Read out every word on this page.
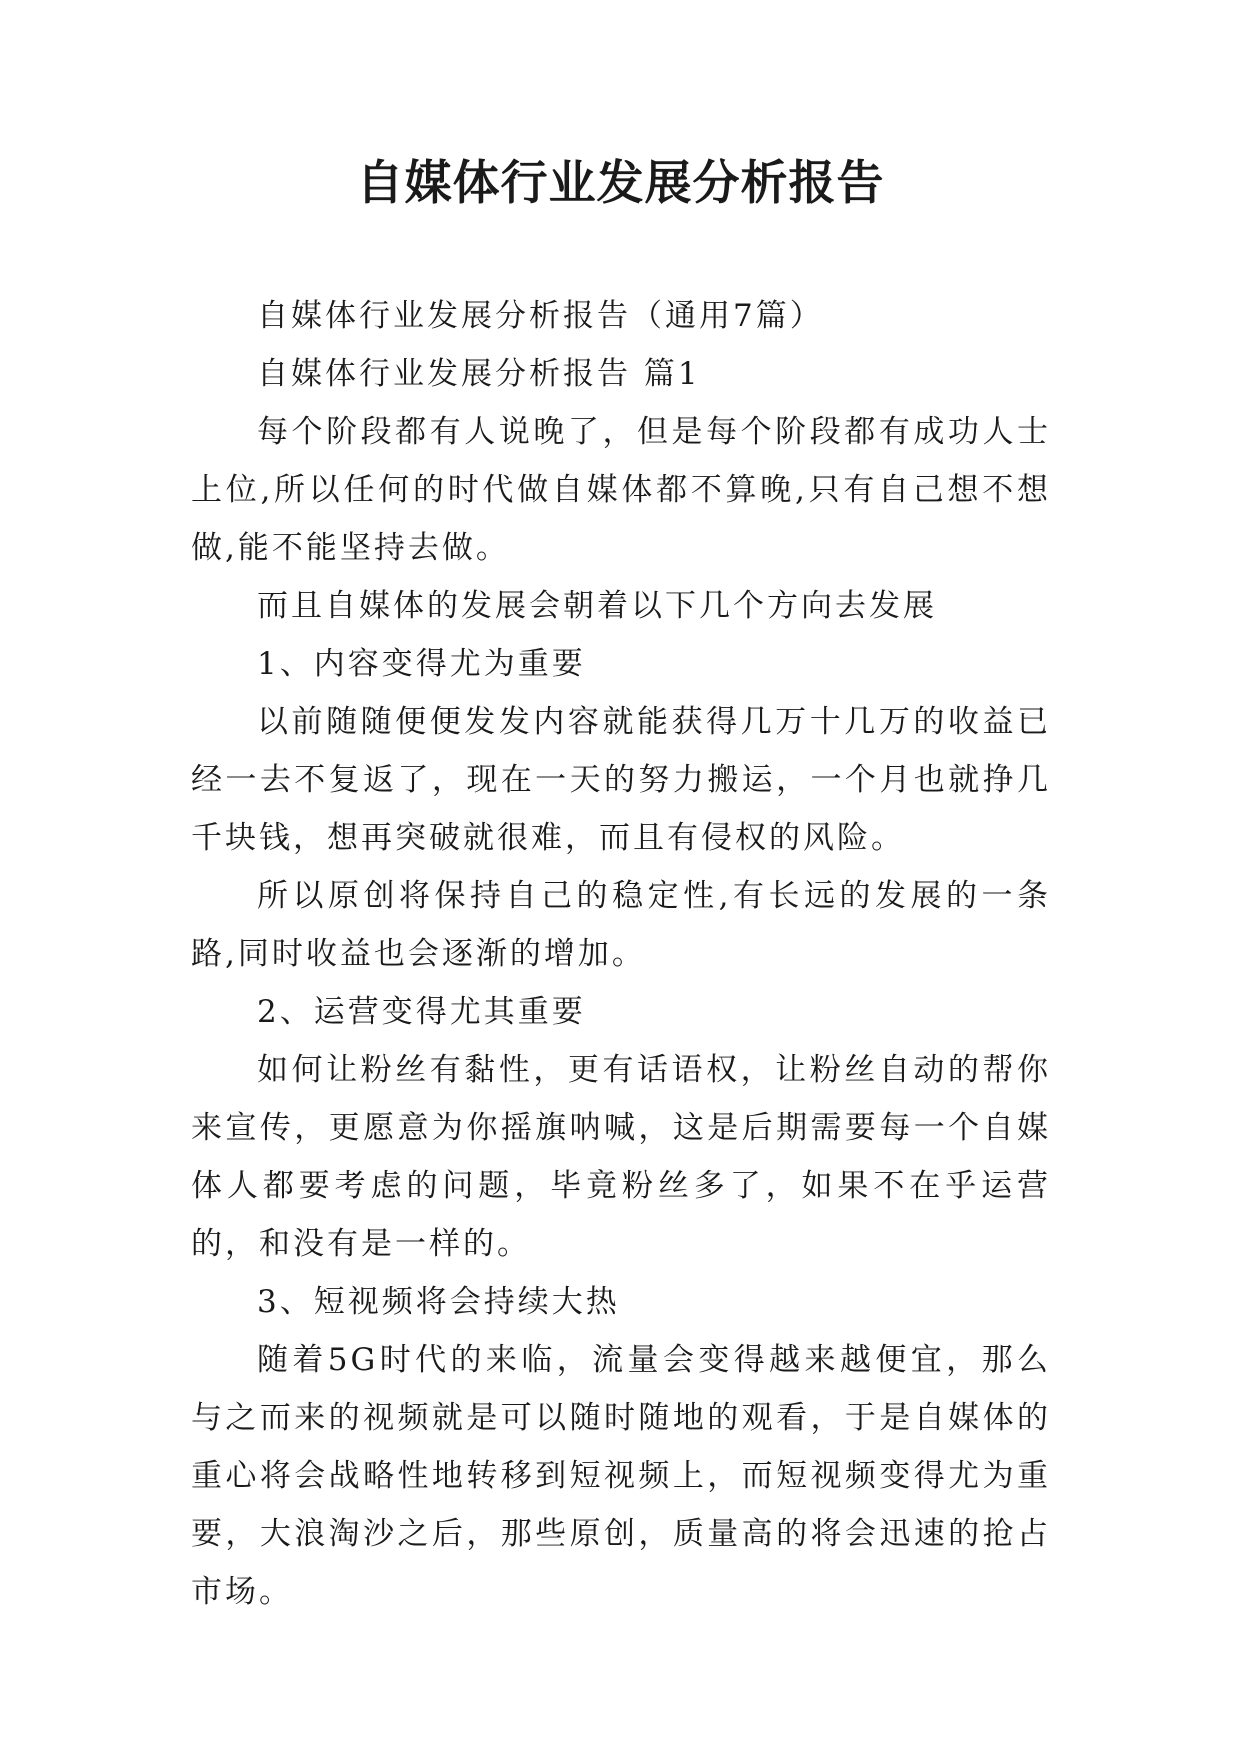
自媒体行业发展分析报告

自媒体行业发展分析报告（通用7篇）

自媒体行业发展分析报告 篇1

每个阶段都有人说晚了，但是每个阶段都有成功人士上位,所以任何的时代做自媒体都不算晚,只有自己想不想做,能不能坚持去做。

而且自媒体的发展会朝着以下几个方向去发展

1、内容变得尤为重要

以前随随便便发发内容就能获得几万十几万的收益已经一去不复返了，现在一天的努力搬运，一个月也就挣几千块钱，想再突破就很难，而且有侵权的风险。

所以原创将保持自己的稳定性,有长远的发展的一条路,同时收益也会逐渐的增加。

2、运营变得尤其重要

如何让粉丝有黏性，更有话语权，让粉丝自动的帮你来宣传，更愿意为你摇旗呐喊，这是后期需要每一个自媒体人都要考虑的问题，毕竟粉丝多了，如果不在乎运营的，和没有是一样的。

3、短视频将会持续大热

随着5G时代的来临，流量会变得越来越便宜，那么与之而来的视频就是可以随时随地的观看，于是自媒体的重心将会战略性地转移到短视频上，而短视频变得尤为重要，大浪淘沙之后，那些原创，质量高的将会迅速的抢占市场。
